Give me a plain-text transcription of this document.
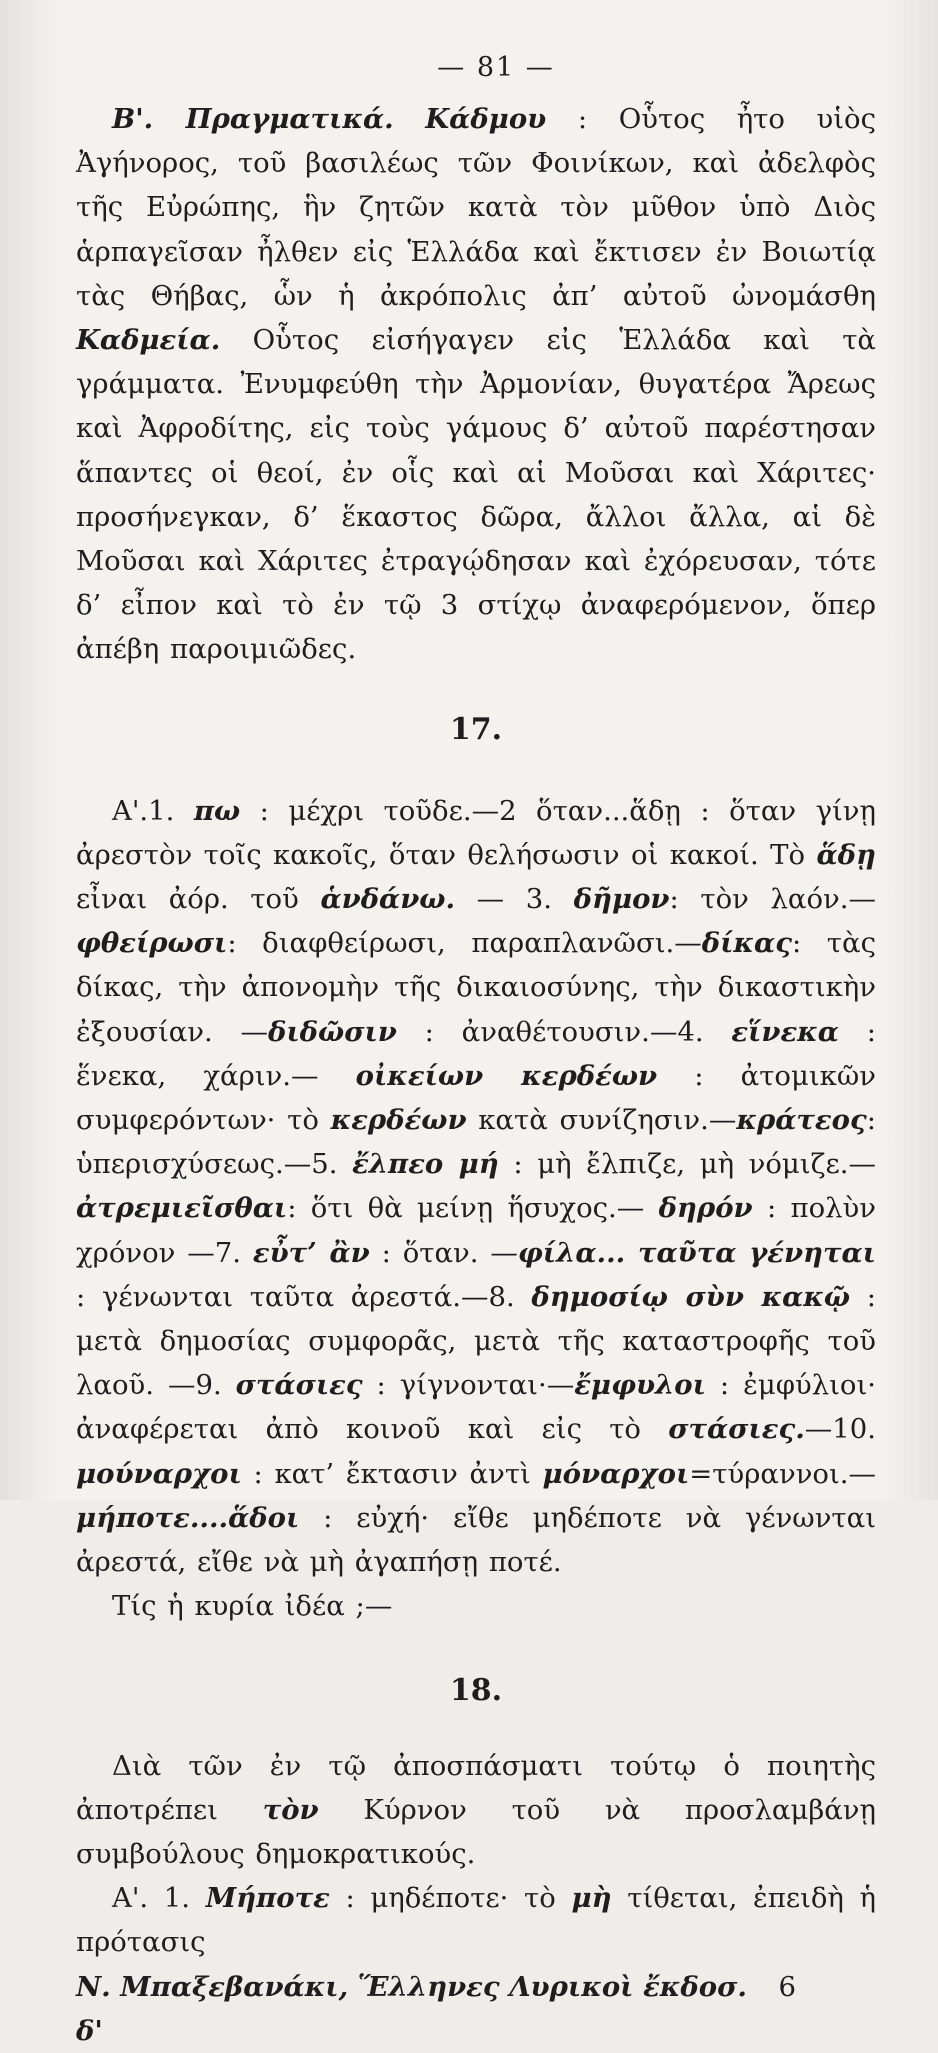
— 81 —

Β'. Πραγματικά. Κάδμου : Οὗτος ἦτο υἱὸς Ἀγήνορος, τοῦ βασιλέως τῶν Φοινίκων, καὶ ἀδελφὸς τῆς Εὐρώπης, ἣν ζητῶν κατὰ τὸν μῦθον ὑπὸ Διὸς ἁρπαγεῖσαν ἦλθεν εἰς Ἑλλάδα καὶ ἔκτισεν ἐν Βοιωτίᾳ τὰς Θήβας, ὧν ἡ ἀκρόπολις ἀπ’ αὐτοῦ ὠνομάσθη Καδμεία. Οὗτος εἰσήγαγεν εἰς Ἑλλάδα καὶ τὰ γράμματα. Ἐνυμφεύθη τὴν Ἀρμονίαν, θυγατέρα Ἄρεως καὶ Ἀφροδίτης, εἰς τοὺς γάμους δ’ αὐτοῦ παρέστησαν ἅπαντες οἱ θεοί, ἐν οἷς καὶ αἱ Μοῦσαι καὶ Χάριτες· προσήνεγκαν, δ’ ἕκαστος δῶρα, ἄλλοι ἄλλα, αἱ δὲ Μοῦσαι καὶ Χάριτες ἐτραγῴδησαν καὶ ἐχόρευσαν, τότε δ’ εἶπον καὶ τὸ ἐν τῷ 3 στίχῳ ἀναφερόμενον, ὅπερ ἀπέβη παροιμιῶδες.

17.

Α'.1. πω : μέχρι τοῦδε.—2 ὅταν...ἅδῃ : ὅταν γίνῃ ἀρεστὸν τοῖς κακοῖς, ὅταν θελήσωσιν οἱ κακοί. Τὸ ἅδῃ εἶναι ἀόρ. τοῦ ἁνδάνω. — 3. δῆμον: τὸν λαόν.—φθείρωσι: διαφθείρωσι, παραπλανῶσι.—δίκας: τὰς δίκας, τὴν ἀπονομὴν τῆς δικαιοσύνης, τὴν δικαστικὴν ἐξουσίαν. —διδῶσιν : ἀναθέτουσιν.—4. εἵνεκα : ἕνεκα, χάριν.— οἰκείων κερδέων : ἀτομικῶν συμφερόντων· τὸ κερδέων κατὰ συνίζησιν.—κράτεος: ὑπερισχύσεως.—5. ἔλπεο μή : μὴ ἔλπιζε, μὴ νόμιζε.—ἀτρεμιεῖσθαι: ὅτι θὰ μείνῃ ἥσυχος.— δηρόν : πολὺν χρόνον —7. εὖτ’ ἂν : ὅταν. —φίλα... ταῦτα γένηται : γένωνται ταῦτα ἀρεστά.—8. δημοσίῳ σὺν κακῷ : μετὰ δημοσίας συμφορᾶς, μετὰ τῆς καταστροφῆς τοῦ λαοῦ. —9. στάσιες : γίγνονται·—ἔμφυλοι : ἐμφύλιοι· ἀναφέρεται ἀπὸ κοινοῦ καὶ εἰς τὸ στάσιες.—10. μούναρχοι : κατ’ ἔκτασιν ἀντὶ μόναρχοι=τύραννοι.—μήποτε....ἅδοι : εὐχή· εἴθε μηδέποτε νὰ γένωνται ἀρεστά, εἴθε νὰ μὴ ἀγαπήσῃ ποτέ.

Τίς ἡ κυρία ἰδέα ;—

18.

Διὰ τῶν ἐν τῷ ἀποσπάσματι τούτῳ ὁ ποιητὴς ἀποτρέπει τὸν Κύρνον τοῦ νὰ προσλαμβάνῃ συμβούλους δημοκρατικούς.

Α'. 1. Μήποτε : μηδέποτε· τὸ μὴ τίθεται, ἐπειδὴ ἡ πρότασις

Ν. Μπαξεβανάκι, Ἕλληνες Λυρικοὶ ἔκδοσ. δ'
6
